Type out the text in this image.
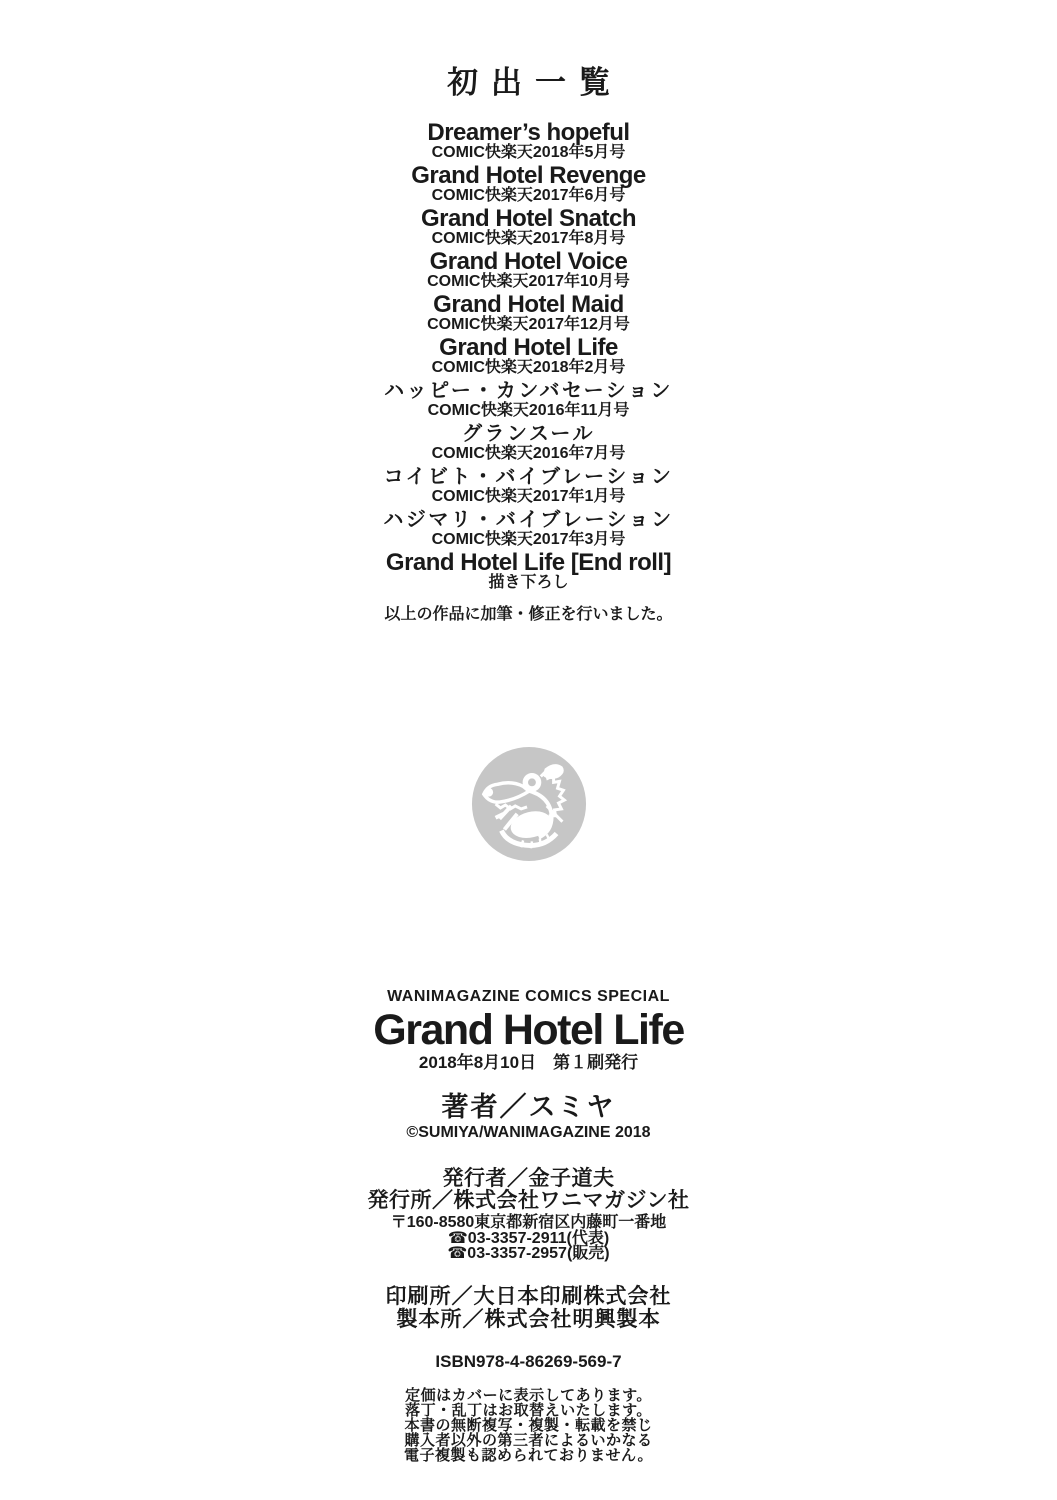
初出一覧
Dreamer’s hopeful
COMIC快楽天2018年5月号
Grand Hotel Revenge
COMIC快楽天2017年6月号
Grand Hotel Snatch
COMIC快楽天2017年8月号
Grand Hotel Voice
COMIC快楽天2017年10月号
Grand Hotel Maid
COMIC快楽天2017年12月号
Grand Hotel Life
COMIC快楽天2018年2月号
ハッピー・カンバセーション
COMIC快楽天2016年11月号
グランスール
COMIC快楽天2016年7月号
コイビト・バイブレーション
COMIC快楽天2017年1月号
ハジマリ・バイブレーション
COMIC快楽天2017年3月号
Grand Hotel Life [End roll]
描き下ろし
以上の作品に加筆・修正を行いました。
WANIMAGAZINE COMICS SPECIAL
Grand Hotel Life
2018年8月10日　第１刷発行
著者／スミヤ
©SUMIYA/WANIMAGAZINE 2018
発行者／金子道夫
発行所／株式会社ワニマガジン社
〒160-8580東京都新宿区内藤町一番地
☎03-3357-2911(代表)
☎03-3357-2957(販売)
印刷所／大日本印刷株式会社
製本所／株式会社明興製本
ISBN978-4-86269-569-7
定価はカバーに表示してあります。
落丁・乱丁はお取替えいたします。
本書の無断複写・複製・転載を禁じ
購入者以外の第三者によるいかなる
電子複製も認められておりません。
